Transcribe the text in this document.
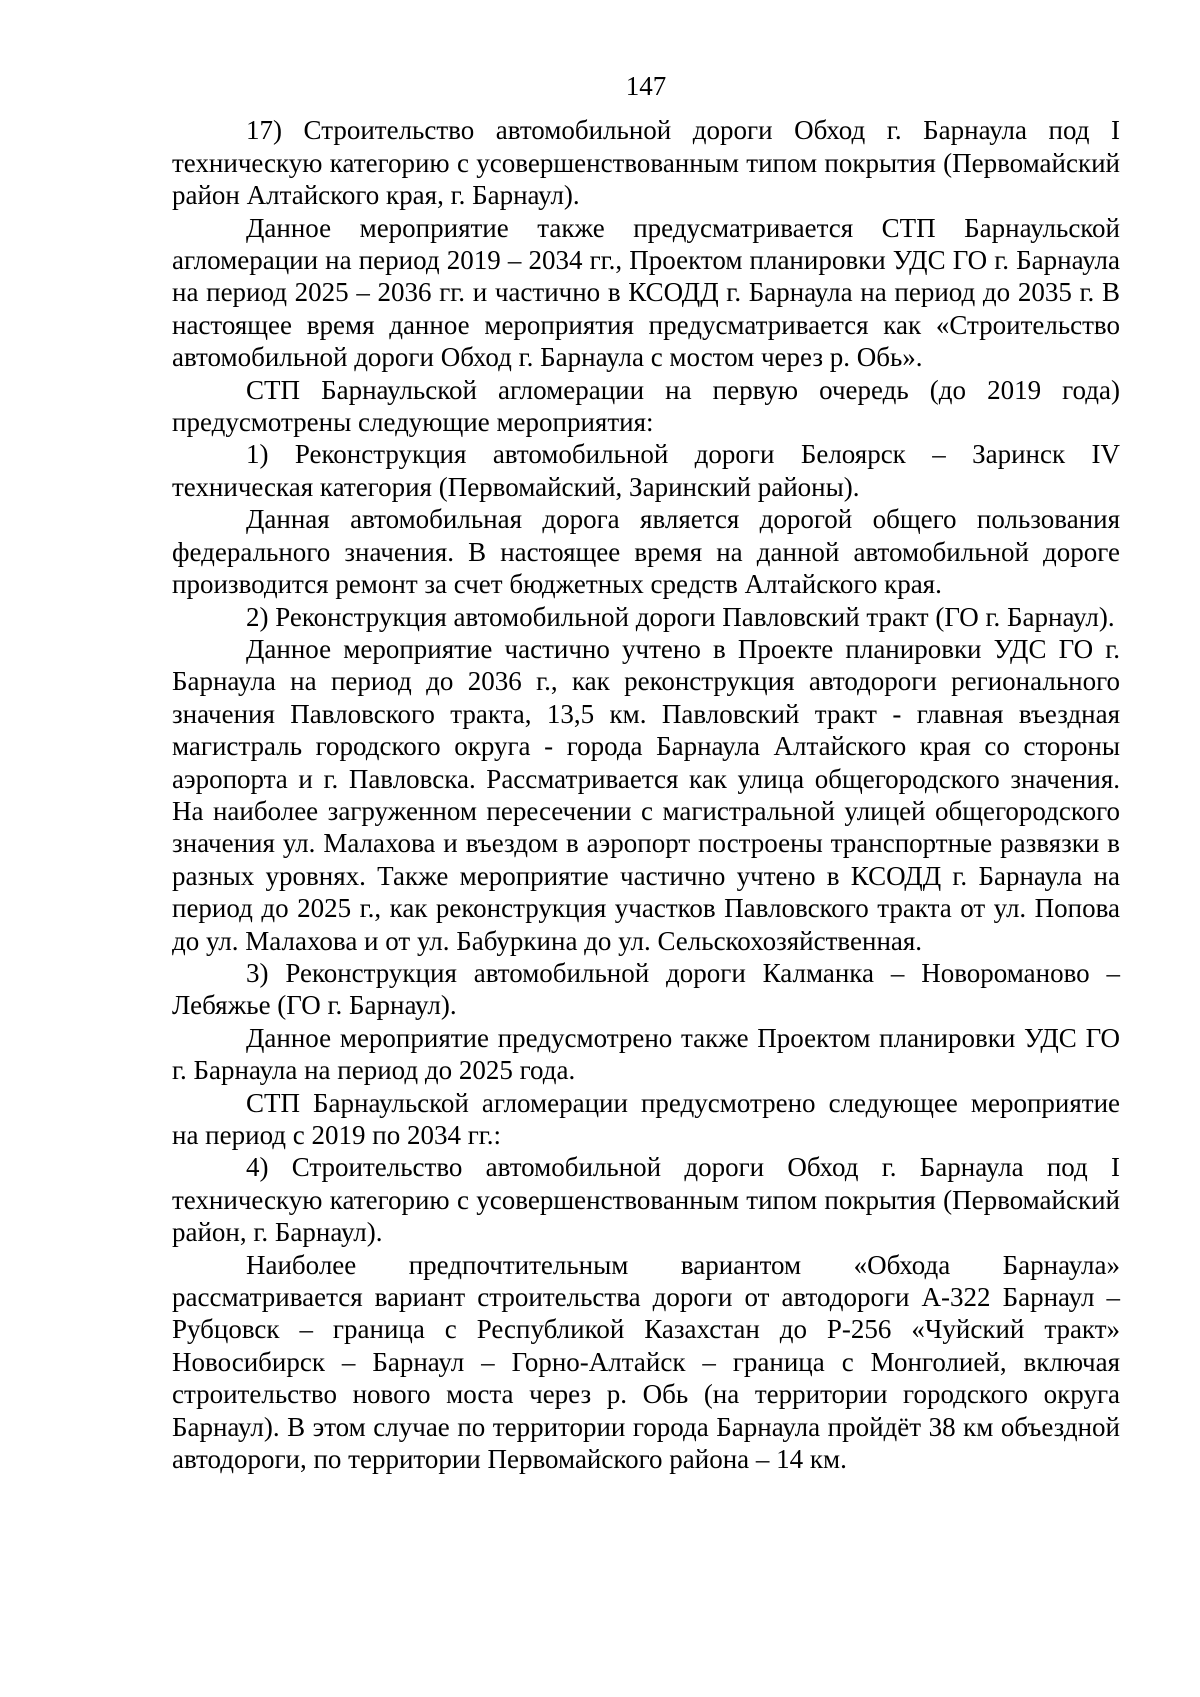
147

17) Строительство автомобильной дороги Обход г. Барнаула под I техническую категорию с усовершенствованным типом покрытия (Первомайский район Алтайского края, г. Барнаул).

Данное мероприятие также предусматривается СТП Барнаульской агломерации на период 2019 – 2034 гг., Проектом планировки УДС ГО г. Барнаула на период 2025 – 2036 гг. и частично в КСОДД г. Барнаула на период до 2035 г. В настоящее время данное мероприятия предусматривается как «Строительство автомобильной дороги Обход г. Барнаула с мостом через р. Обь».

СТП Барнаульской агломерации на первую очередь (до 2019 года) предусмотрены следующие мероприятия:

1) Реконструкция автомобильной дороги Белоярск – Заринск IV техническая категория (Первомайский, Заринский районы).

Данная автомобильная дорога является дорогой общего пользования федерального значения. В настоящее время на данной автомобильной дороге производится ремонт за счет бюджетных средств Алтайского края.

2) Реконструкция автомобильной дороги Павловский тракт (ГО г. Барнаул).

Данное мероприятие частично учтено в Проекте планировки УДС ГО г. Барнаула на период до 2036 г., как реконструкция автодороги регионального значения Павловского тракта, 13,5 км. Павловский тракт - главная въездная магистраль городского округа - города Барнаула Алтайского края со стороны аэропорта и г. Павловска. Рассматривается как улица общегородского значения. На наиболее загруженном пересечении с магистральной улицей общегородского значения ул. Малахова и въездом в аэропорт построены транспортные развязки в разных уровнях. Также мероприятие частично учтено в КСОДД г. Барнаула на период до 2025 г., как реконструкция участков Павловского тракта от ул. Попова до ул. Малахова и от ул. Бабуркина до ул. Сельскохозяйственная.

3) Реконструкция автомобильной дороги Калманка – Новороманово – Лебяжье (ГО г. Барнаул).

Данное мероприятие предусмотрено также Проектом планировки УДС ГО г. Барнаула на период до 2025 года.

СТП Барнаульской агломерации предусмотрено следующее мероприятие на период с 2019 по 2034 гг.:

4) Строительство автомобильной дороги Обход г. Барнаула под I техническую категорию с усовершенствованным типом покрытия (Первомайский район, г. Барнаул).

Наиболее предпочтительным вариантом «Обхода Барнаула» рассматривается вариант строительства дороги от автодороги А-322 Барнаул – Рубцовск – граница с Республикой Казахстан до Р-256 «Чуйский тракт» Новосибирск – Барнаул – Горно-Алтайск – граница с Монголией, включая строительство нового моста через р. Обь (на территории городского округа Барнаул). В этом случае по территории города Барнаула пройдёт 38 км объездной автодороги, по территории Первомайского района – 14 км.
